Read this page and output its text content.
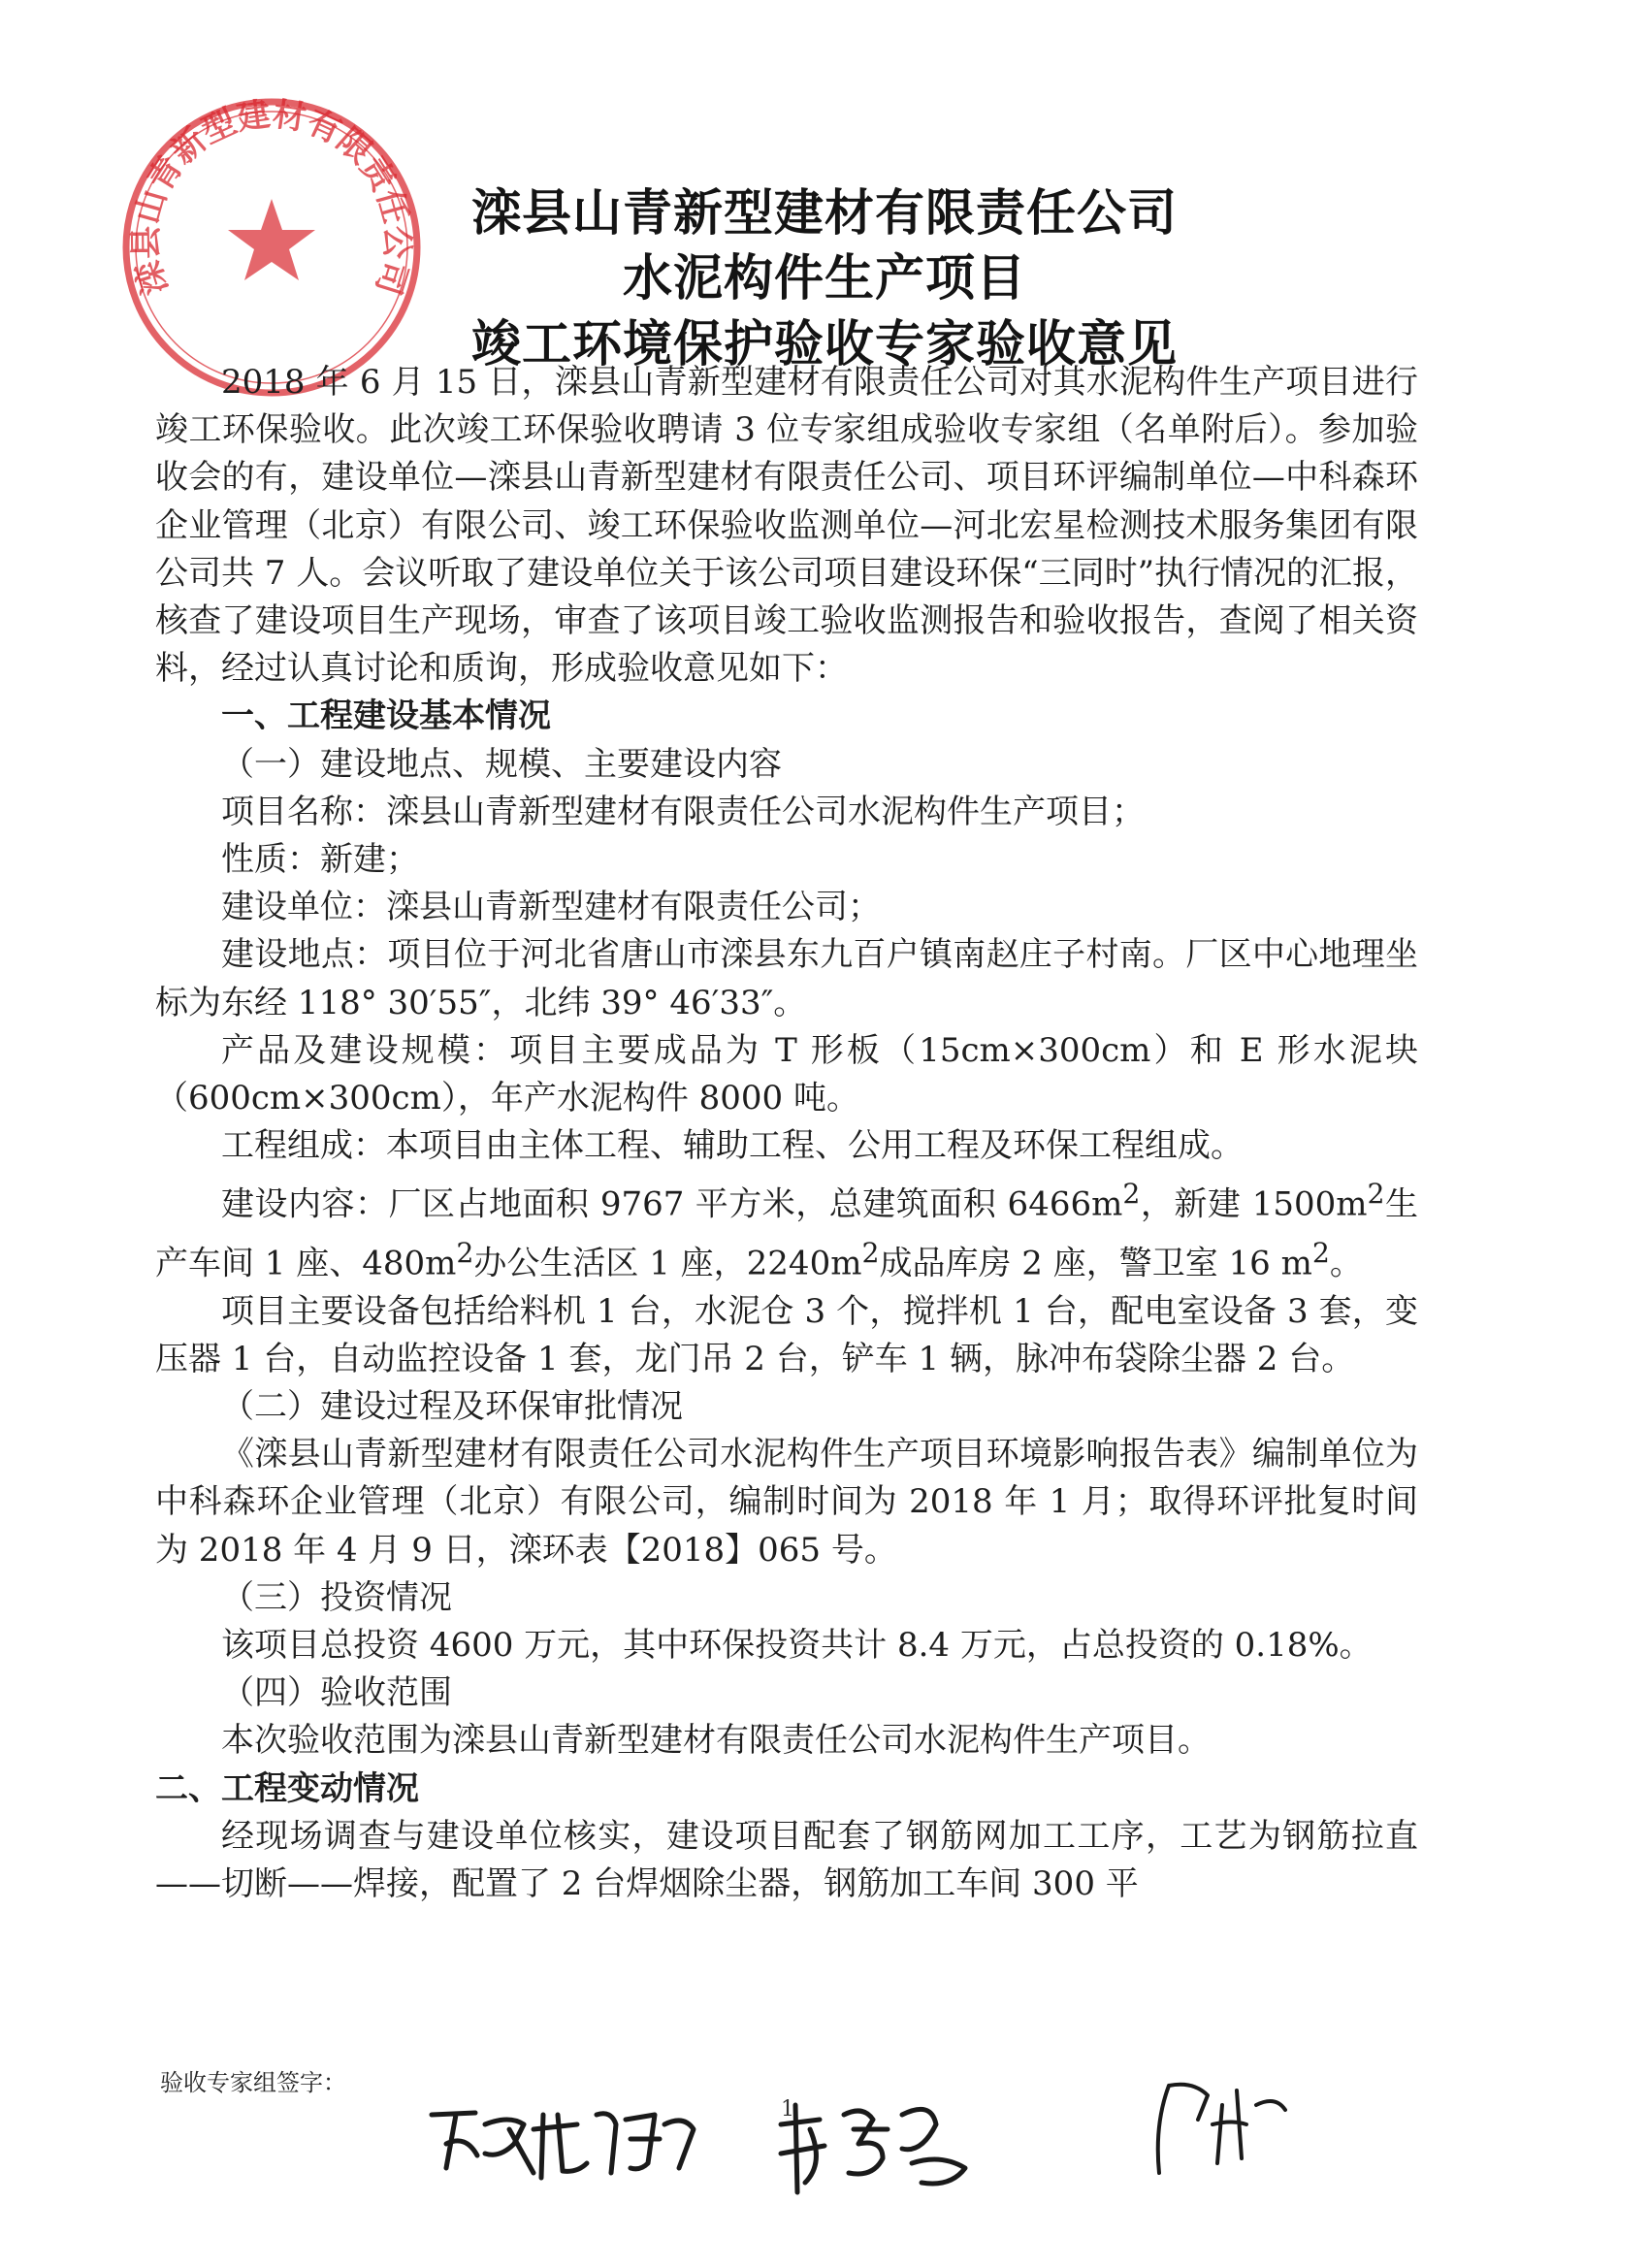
滦县山青新型建材有限责任公司
滦县山青新型建材有限责任公司
水泥构件生产项目
竣工环境保护验收专家验收意见

2018 年 6 月 15 日，滦县山青新型建材有限责任公司对其水泥构件生产项目进行竣工环保验收。此次竣工环保验收聘请 3 位专家组成验收专家组（名单附后）。参加验收会的有，建设单位—滦县山青新型建材有限责任公司、项目环评编制单位—中科森环企业管理（北京）有限公司、竣工环保验收监测单位—河北宏星检测技术服务集团有限公司共 7 人。会议听取了建设单位关于该公司项目建设环保“三同时”执行情况的汇报，核查了建设项目生产现场，审查了该项目竣工验收监测报告和验收报告，查阅了相关资料，经过认真讨论和质询，形成验收意见如下：

一、工程建设基本情况

（一）建设地点、规模、主要建设内容

项目名称：滦县山青新型建材有限责任公司水泥构件生产项目；

性质：新建；

建设单位：滦县山青新型建材有限责任公司；

建设地点：项目位于河北省唐山市滦县东九百户镇南赵庄子村南。厂区中心地理坐标为东经 118° 30′55″，北纬 39° 46′33″。

产品及建设规模：项目主要成品为 T 形板（15cm×300cm）和 E 形水泥块（600cm×300cm），年产水泥构件 8000 吨。

工程组成：本项目由主体工程、辅助工程、公用工程及环保工程组成。

建设内容：厂区占地面积 9767 平方米，总建筑面积 $6466m^2$，新建 $1500m^2$生产车间 1 座、$480m^2$办公生活区 1 座，$2240m^2$成品库房 2 座，警卫室 16 $m^2$。

项目主要设备包括给料机 1 台，水泥仓 3 个，搅拌机 1 台，配电室设备 3 套，变压器 1 台，自动监控设备 1 套，龙门吊 2 台，铲车 1 辆，脉冲布袋除尘器 2 台。

（二）建设过程及环保审批情况

《滦县山青新型建材有限责任公司水泥构件生产项目环境影响报告表》编制单位为中科森环企业管理（北京）有限公司，编制时间为 2018 年 1 月；取得环评批复时间为 2018 年 4 月 9 日，滦环表【2018】065 号。

（三）投资情况

该项目总投资 4600 万元，其中环保投资共计 8.4 万元，占总投资的 0.18%。

（四）验收范围

本次验收范围为滦县山青新型建材有限责任公司水泥构件生产项目。

二、工程变动情况

经现场调查与建设单位核实，建设项目配套了钢筋网加工工序，工艺为钢筋拉直——切断——焊接，配置了 2 台焊烟除尘器，钢筋加工车间 300 平

验收专家组签字：
1
